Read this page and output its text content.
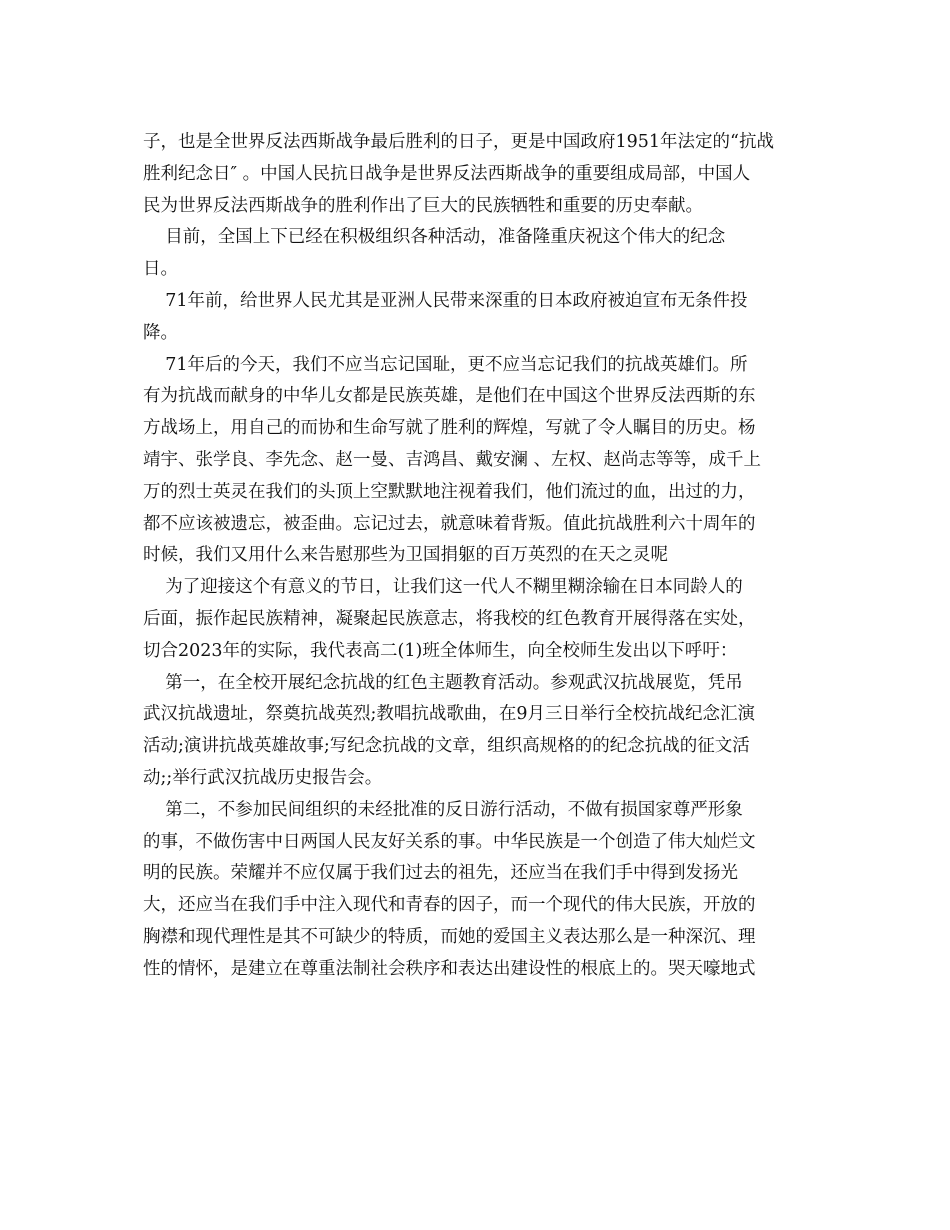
子，也是全世界反法西斯战争最后胜利的日子，更是中国政府1951年法定的“抗战
胜利纪念日″ 。中国人民抗日战争是世界反法西斯战争的重要组成局部，中国人
民为世界反法西斯战争的胜利作出了巨大的民族牺牲和重要的历史奉献。
目前，全国上下已经在积极组织各种活动，准备隆重庆祝这个伟大的纪念
日。
71年前，给世界人民尤其是亚洲人民带来深重的日本政府被迫宣布无条件投
降。
71年后的今天，我们不应当忘记国耻，更不应当忘记我们的抗战英雄们。所
有为抗战而献身的中华儿女都是民族英雄，是他们在中国这个世界反法西斯的东
方战场上，用自己的而协和生命写就了胜利的辉煌，写就了令人瞩目的历史。杨
靖宇、张学良、李先念、赵一曼、吉鸿昌、戴安澜 、左权、赵尚志等等，成千上
万的烈士英灵在我们的头顶上空默默地注视着我们，他们流过的血，出过的力，
都不应该被遗忘，被歪曲。忘记过去，就意味着背叛。值此抗战胜利六十周年的
时候，我们又用什么来告慰那些为卫国捐躯的百万英烈的在天之灵呢
为了迎接这个有意义的节日，让我们这一代人不糊里糊涂输在日本同龄人的
后面，振作起民族精神，凝聚起民族意志，将我校的红色教育开展得落在实处，
切合2023年的实际，我代表高二(1)班全体师生，向全校师生发出以下呼吁：
第一，在全校开展纪念抗战的红色主题教育活动。参观武汉抗战展览，凭吊
武汉抗战遗址，祭奠抗战英烈;教唱抗战歌曲，在9月三日举行全校抗战纪念汇演
活动;演讲抗战英雄故事;写纪念抗战的文章，组织高规格的的纪念抗战的征文活
动;;举行武汉抗战历史报告会。
第二，不参加民间组织的未经批准的反日游行活动，不做有损国家尊严形象
的事，不做伤害中日两国人民友好关系的事。中华民族是一个创造了伟大灿烂文
明的民族。荣耀并不应仅属于我们过去的祖先，还应当在我们手中得到发扬光
大，还应当在我们手中注入现代和青春的因子，而一个现代的伟大民族，开放的
胸襟和现代理性是其不可缺少的特质，而她的爱国主义表达那么是一种深沉、理
性的情怀，是建立在尊重法制社会秩序和表达出建设性的根底上的。哭天嚎地式
